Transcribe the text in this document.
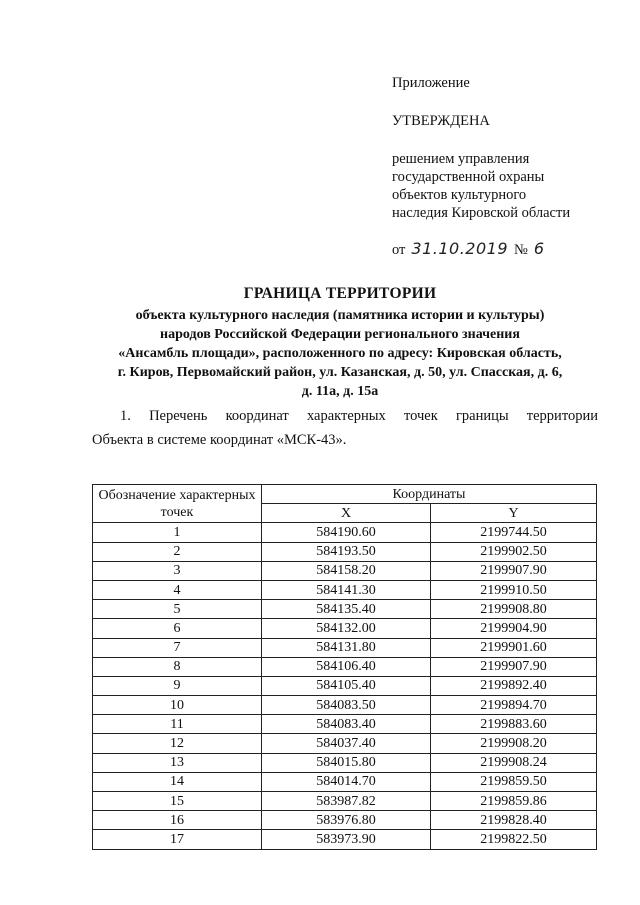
Приложение
УТВЕРЖДЕНА
решением управления
государственной охраны
объектов культурного
наследия Кировской области
от 31.10.2019 № 6
ГРАНИЦА ТЕРРИТОРИИ
объекта культурного наследия (памятника истории и культуры)
народов Российской Федерации регионального значения
«Ансамбль площади», расположенного по адресу: Кировская область,
г. Киров, Первомайский район, ул. Казанская, д. 50, ул. Спасская, д. 6,
д. 11а, д. 15а
1. Перечень координат характерных точек границы территории
Объекта в системе координат «МСК-43».
Обозначение характерных точек	Координаты	
	X	Y
1	584190.60	2199744.50
2	584193.50	2199902.50
3	584158.20	2199907.90
4	584141.30	2199910.50
5	584135.40	2199908.80
6	584132.00	2199904.90
7	584131.80	2199901.60
8	584106.40	2199907.90
9	584105.40	2199892.40
10	584083.50	2199894.70
11	584083.40	2199883.60
12	584037.40	2199908.20
13	584015.80	2199908.24
14	584014.70	2199859.50
15	583987.82	2199859.86
16	583976.80	2199828.40
17	583973.90	2199822.50
